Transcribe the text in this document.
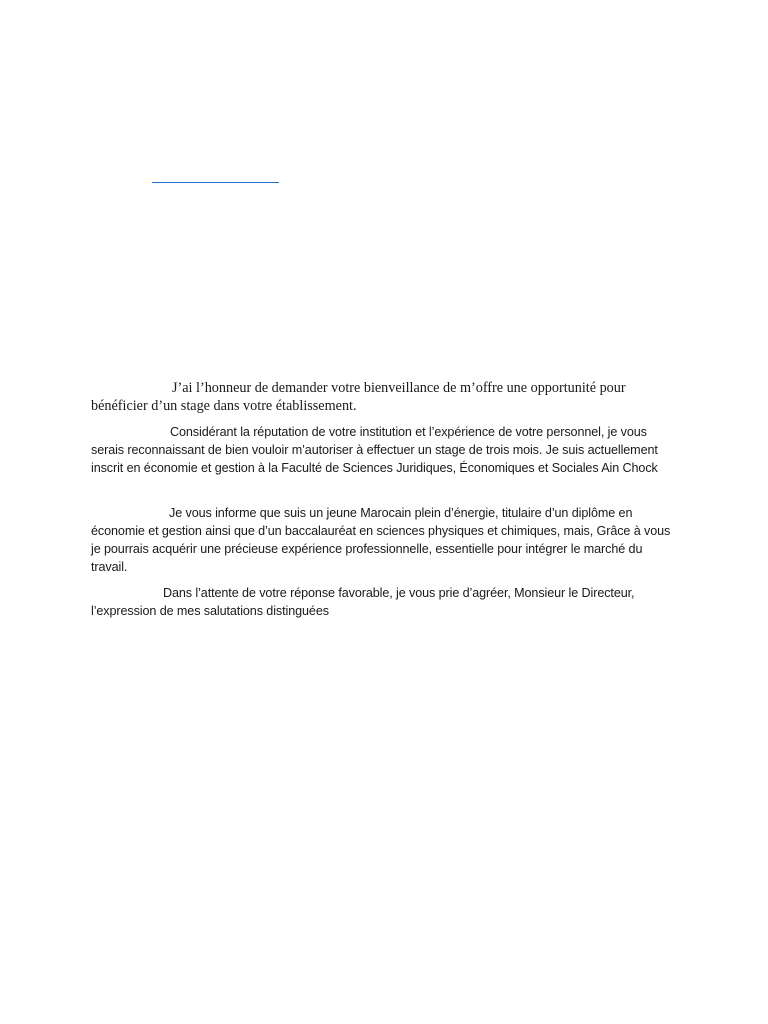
J’ai l’honneur de demander votre bienveillance de m’offre une opportunité pour bénéficier d’un stage dans votre établissement.

Considérant la réputation de votre institution et l’expérience de votre personnel, je vous serais reconnaissant de bien vouloir m’autoriser à effectuer un stage de trois mois. Je suis actuellement inscrit en économie et gestion à la Faculté de Sciences Juridiques, Économiques et Sociales Ain Chock

Je vous informe que suis un jeune Marocain plein d’énergie, titulaire d’un diplôme en économie et gestion ainsi que d’un baccalauréat en sciences physiques et chimiques, mais, Grâce à vous je pourrais acquérir une précieuse expérience professionnelle, essentielle pour intégrer le marché du travail.

Dans l’attente de votre réponse favorable, je vous prie d’agréer, Monsieur le Directeur, l’expression de mes salutations distinguées
